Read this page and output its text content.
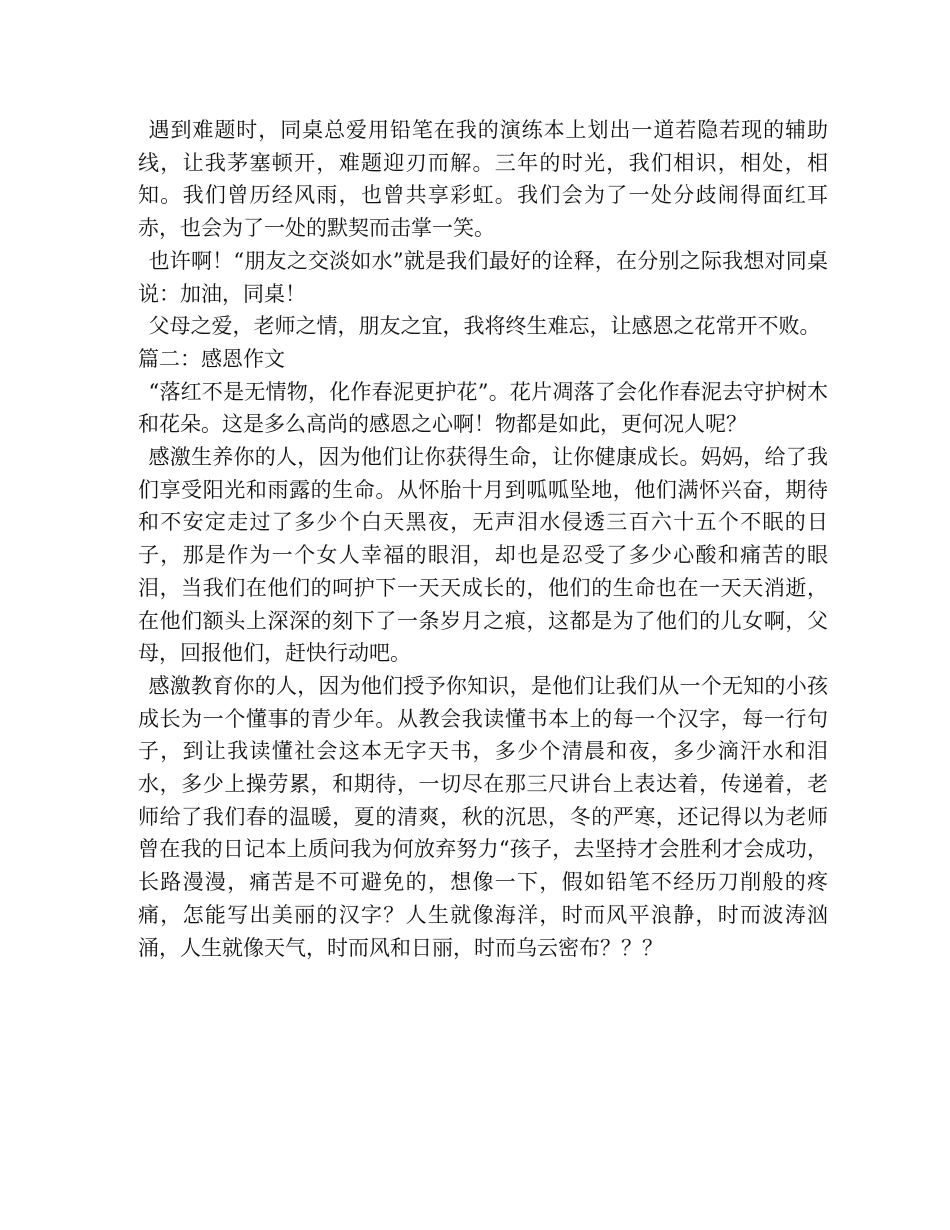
遇到难题时，同桌总爱用铅笔在我的演练本上划出一道若隐若现的辅助线，让我茅塞顿开，难题迎刃而解。三年的时光，我们相识，相处，相知。我们曾历经风雨，也曾共享彩虹。我们会为了一处分歧闹得面红耳赤，也会为了一处的默契而击掌一笑。

也许啊！“朋友之交淡如水”就是我们最好的诠释，在分别之际我想对同桌说：加油，同桌！

父母之爱，老师之情，朋友之宜，我将终生难忘，让感恩之花常开不败。

篇二：感恩作文

“落红不是无情物，化作春泥更护花”。花片凋落了会化作春泥去守护树木和花朵。这是多么高尚的感恩之心啊！物都是如此，更何况人呢？

感激生养你的人，因为他们让你获得生命，让你健康成长。妈妈，给了我们享受阳光和雨露的生命。从怀胎十月到呱呱坠地，他们满怀兴奋，期待和不安定走过了多少个白天黑夜，无声泪水侵透三百六十五个不眠的日子，那是作为一个女人幸福的眼泪，却也是忍受了多少心酸和痛苦的眼泪，当我们在他们的呵护下一天天成长的，他们的生命也在一天天消逝，在他们额头上深深的刻下了一条岁月之痕，这都是为了他们的儿女啊，父母，回报他们，赶快行动吧。

感激教育你的人，因为他们授予你知识，是他们让我们从一个无知的小孩成长为一个懂事的青少年。从教会我读懂书本上的每一个汉字，每一行句子，到让我读懂社会这本无字天书，多少个清晨和夜，多少滴汗水和泪水，多少上操劳累，和期待，一切尽在那三尺讲台上表达着，传递着，老师给了我们春的温暖，夏的清爽，秋的沉思，冬的严寒，还记得以为老师曾在我的日记本上质问我为何放弃努力“孩子，去坚持才会胜利才会成功，长路漫漫，痛苦是不可避免的，想像一下，假如铅笔不经历刀削般的疼痛，怎能写出美丽的汉字？人生就像海洋，时而风平浪静，时而波涛汹涌，人生就像天气，时而风和日丽，时而乌云密布？？？
